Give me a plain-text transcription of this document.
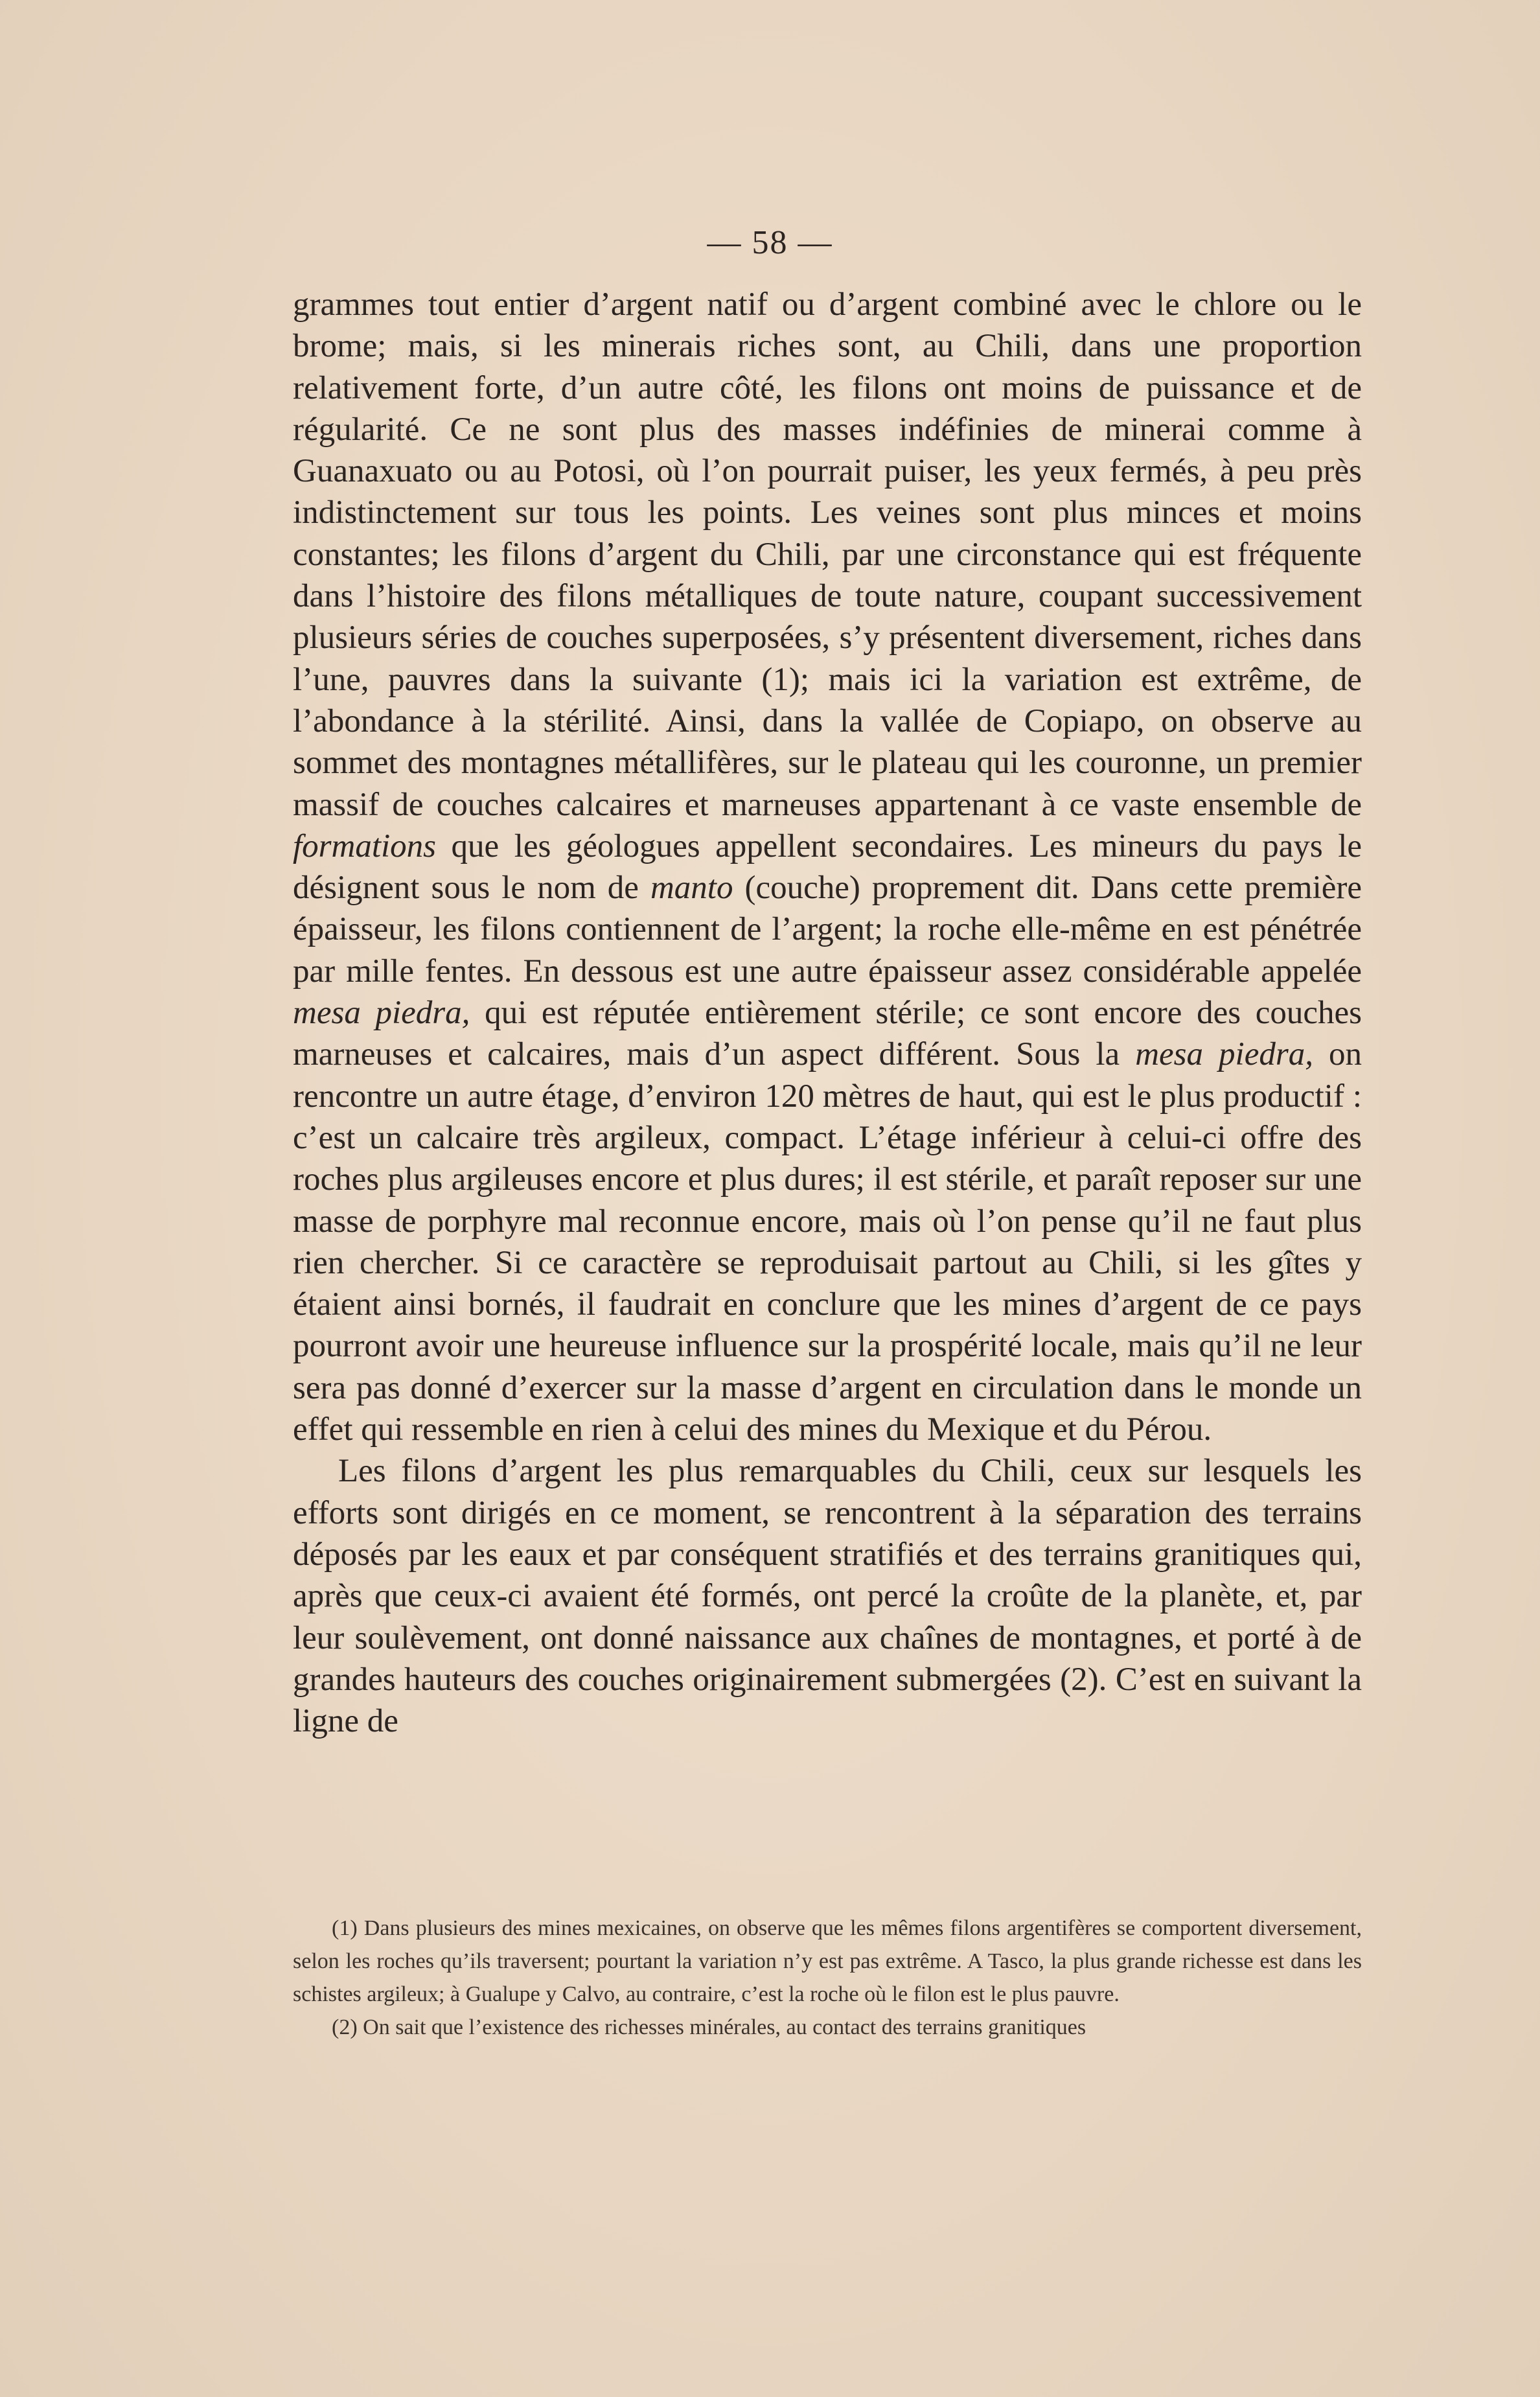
— 58 —

grammes tout entier d’argent natif ou d’argent combiné avec le chlore ou le brome; mais, si les minerais riches sont, au Chili, dans une proportion relativement forte, d’un autre côté, les filons ont moins de puissance et de régularité. Ce ne sont plus des masses indéfinies de minerai comme à Guanaxuato ou au Potosi, où l’on pourrait puiser, les yeux fermés, à peu près indistinctement sur tous les points. Les veines sont plus minces et moins constantes; les filons d’argent du Chili, par une circonstance qui est fréquente dans l’histoire des filons métalliques de toute nature, coupant successivement plusieurs séries de couches superposées, s’y présentent diversement, riches dans l’une, pauvres dans la suivante (1); mais ici la variation est extrême, de l’abondance à la stérilité. Ainsi, dans la vallée de Copiapo, on observe au sommet des montagnes métallifères, sur le plateau qui les couronne, un premier massif de couches calcaires et marneuses appartenant à ce vaste ensemble de formations que les géologues appellent secondaires. Les mineurs du pays le désignent sous le nom de manto (couche) proprement dit. Dans cette première épaisseur, les filons contiennent de l’argent; la roche elle-même en est pénétrée par mille fentes. En dessous est une autre épaisseur assez considérable appelée mesa piedra, qui est réputée entièrement stérile; ce sont encore des couches marneuses et calcaires, mais d’un aspect différent. Sous la mesa piedra, on rencontre un autre étage, d’environ 120 mètres de haut, qui est le plus productif : c’est un calcaire très argileux, compact. L’étage inférieur à celui-ci offre des roches plus argileuses encore et plus dures; il est stérile, et paraît reposer sur une masse de porphyre mal reconnue encore, mais où l’on pense qu’il ne faut plus rien chercher. Si ce caractère se reproduisait partout au Chili, si les gîtes y étaient ainsi bornés, il faudrait en conclure que les mines d’argent de ce pays pourront avoir une heureuse influence sur la prospérité locale, mais qu’il ne leur sera pas donné d’exercer sur la masse d’argent en circulation dans le monde un effet qui ressemble en rien à celui des mines du Mexique et du Pérou.

Les filons d’argent les plus remarquables du Chili, ceux sur lesquels les efforts sont dirigés en ce moment, se rencontrent à la séparation des terrains déposés par les eaux et par conséquent stratifiés et des terrains granitiques qui, après que ceux-ci avaient été formés, ont percé la croûte de la planète, et, par leur soulèvement, ont donné naissance aux chaînes de montagnes, et porté à de grandes hauteurs des couches originairement submergées (2). C’est en suivant la ligne de

(1) Dans plusieurs des mines mexicaines, on observe que les mêmes filons argentifères se comportent diversement, selon les roches qu’ils traversent; pourtant la variation n’y est pas extrême. A Tasco, la plus grande richesse est dans les schistes argileux; à Gualupe y Calvo, au contraire, c’est la roche où le filon est le plus pauvre.

(2) On sait que l’existence des richesses minérales, au contact des terrains granitiques
